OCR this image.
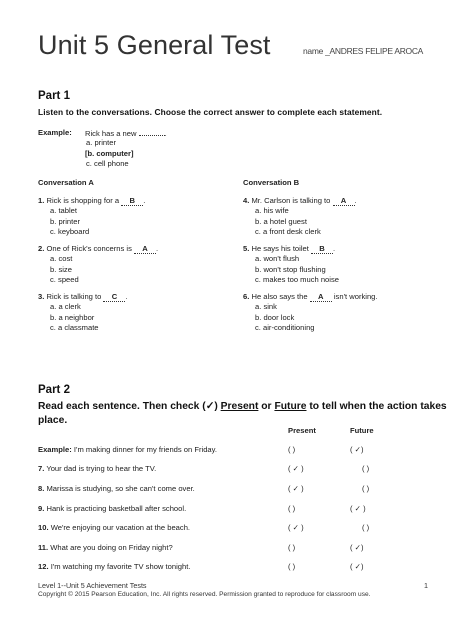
Unit 5 General Test	name _ANDRES FELIPE AROCA
Part 1
Listen to the conversations. Choose the correct answer to complete each statement.
Example: Rick has a new	.
a. printer
[b. computer]
c. cell phone
Conversation A
1. Rick is shopping for a B .
a. tablet
b. printer
c. keyboard
2. One of Rick's concerns is A .
a. cost
b. size
c. speed
3. Rick is talking to C .
a. a clerk
b. a neighbor
c. a classmate
Conversation B
4. Mr. Carlson is talking to A .
a. his wife
b. a hotel guest
c. a front desk clerk
5. He says his toilet B .
a. won't flush
b. won't stop flushing
c. makes too much noise
6. He also says the A isn't working.
a. sink
b. door lock
c. air-conditioning
Part 2
Read each sentence. Then check (✓) Present or Future to tell when the action takes place.
Present	Future
Example: I'm making dinner for my friends on Friday.	( )	( ✓)
7. Your dad is trying to hear the TV.	( ✓ )	( )
8. Marissa is studying, so she can't come over.	( ✓ )	( )
9. Hank is practicing basketball after school.	( )	( ✓ )
10. We're enjoying our vacation at the beach.	( ✓ )	( )
11. What are you doing on Friday night?	( )	( ✓)
12. I'm watching my favorite TV show tonight.	( )	( ✓)
Level 1--Unit 5 Achievement Tests	1
Copyright © 2015 Pearson Education, Inc. All rights reserved. Permission granted to reproduce for classroom use.
